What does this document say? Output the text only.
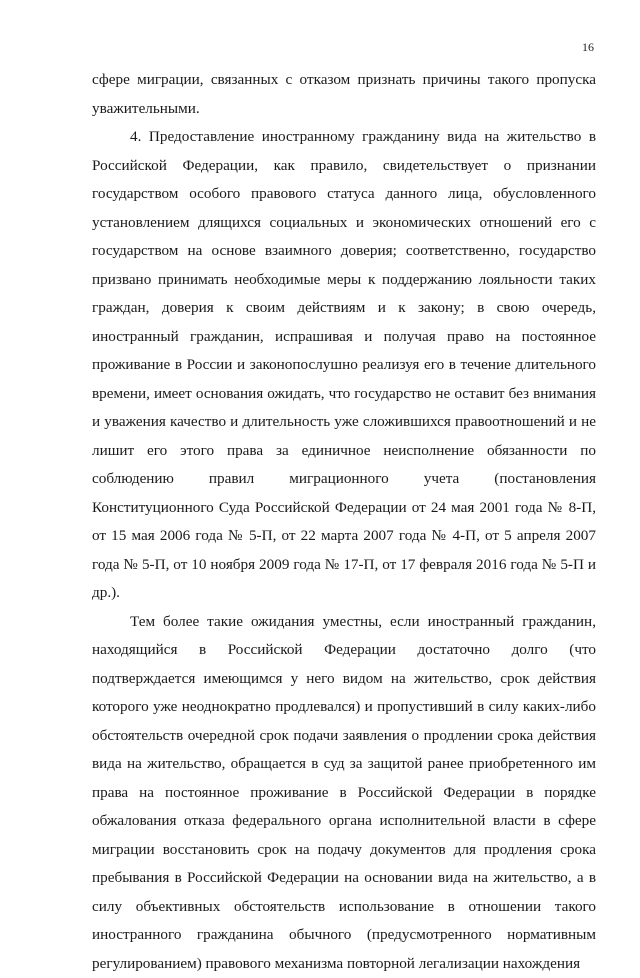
16

сфере миграции, связанных с отказом признать причины такого пропуска уважительными.

4. Предоставление иностранному гражданину вида на жительство в Российской Федерации, как правило, свидетельствует о признании государством особого правового статуса данного лица, обусловленного установлением длящихся социальных и экономических отношений его с государством на основе взаимного доверия; соответственно, государство призвано принимать необходимые меры к поддержанию лояльности таких граждан, доверия к своим действиям и к закону; в свою очередь, иностранный гражданин, испрашивая и получая право на постоянное проживание в России и законопослушно реализуя его в течение длительного времени, имеет основания ожидать, что государство не оставит без внимания и уважения качество и длительность уже сложившихся правоотношений и не лишит его этого права за единичное неисполнение обязанности по соблюдению правил миграционного учета (постановления Конституционного Суда Российской Федерации от 24 мая 2001 года № 8-П, от 15 мая 2006 года № 5-П, от 22 марта 2007 года № 4-П, от 5 апреля 2007 года № 5-П, от 10 ноября 2009 года № 17-П, от 17 февраля 2016 года № 5-П и др.).

Тем более такие ожидания уместны, если иностранный гражданин, находящийся в Российской Федерации достаточно долго (что подтверждается имеющимся у него видом на жительство, срок действия которого уже неоднократно продлевался) и пропустивший в силу каких-либо обстоятельств очередной срок подачи заявления о продлении срока действия вида на жительство, обращается в суд за защитой ранее приобретенного им права на постоянное проживание в Российской Федерации в порядке обжалования отказа федерального органа исполнительной власти в сфере миграции восстановить срок на подачу документов для продления срока пребывания в Российской Федерации на основании вида на жительство, а в силу объективных обстоятельств использование в отношении такого иностранного гражданина обычного (предусмотренного нормативным регулированием) правового механизма повторной легализации нахождения
